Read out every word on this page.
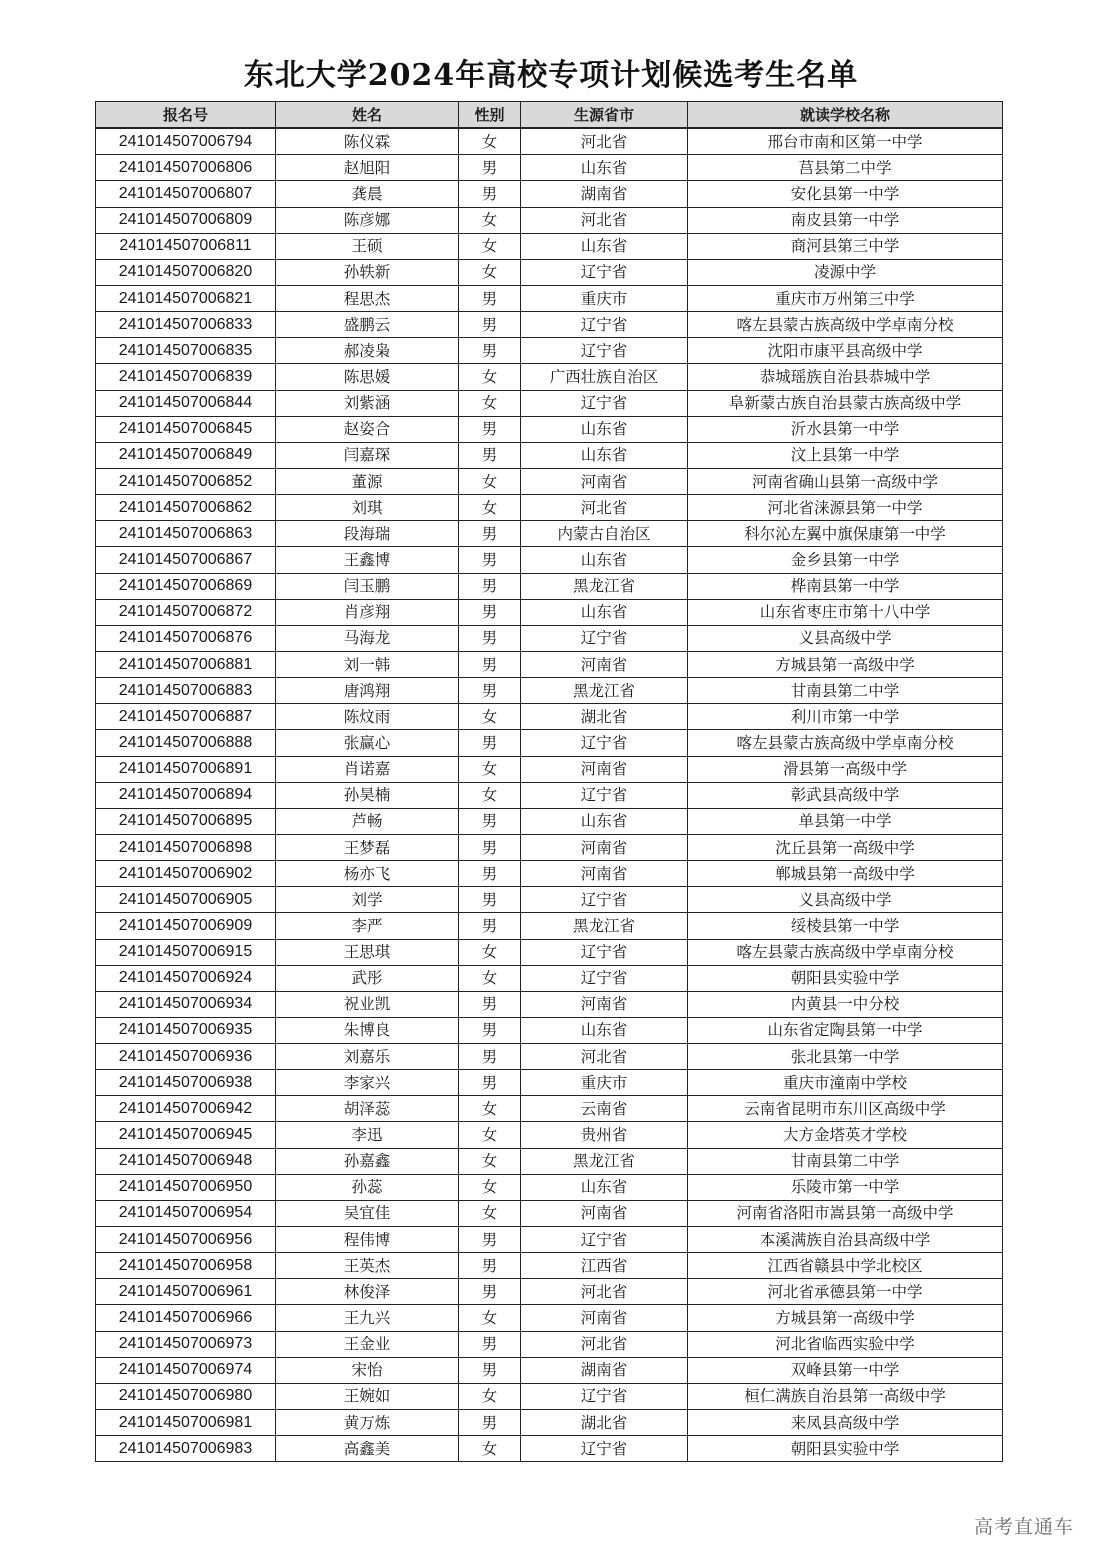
东北大学2024年高校专项计划候选考生名单
报名号	姓名	性别	生源省市	就读学校名称
241014507006794	陈仪霖	女	河北省	邢台市南和区第一中学
241014507006806	赵旭阳	男	山东省	莒县第二中学
241014507006807	龚晨	男	湖南省	安化县第一中学
241014507006809	陈彦娜	女	河北省	南皮县第一中学
241014507006811	王硕	女	山东省	商河县第三中学
241014507006820	孙轶新	女	辽宁省	凌源中学
241014507006821	程思杰	男	重庆市	重庆市万州第三中学
241014507006833	盛鹏云	男	辽宁省	喀左县蒙古族高级中学卓南分校
241014507006835	郝凌枭	男	辽宁省	沈阳市康平县高级中学
241014507006839	陈思媛	女	广西壮族自治区	恭城瑶族自治县恭城中学
241014507006844	刘紫涵	女	辽宁省	阜新蒙古族自治县蒙古族高级中学
241014507006845	赵姿合	男	山东省	沂水县第一中学
241014507006849	闫嘉琛	男	山东省	汶上县第一中学
241014507006852	董源	女	河南省	河南省确山县第一高级中学
241014507006862	刘琪	女	河北省	河北省涞源县第一中学
241014507006863	段海瑞	男	内蒙古自治区	科尔沁左翼中旗保康第一中学
241014507006867	王鑫博	男	山东省	金乡县第一中学
241014507006869	闫玉鹏	男	黑龙江省	桦南县第一中学
241014507006872	肖彦翔	男	山东省	山东省枣庄市第十八中学
241014507006876	马海龙	男	辽宁省	义县高级中学
241014507006881	刘一韩	男	河南省	方城县第一高级中学
241014507006883	唐鸿翔	男	黑龙江省	甘南县第二中学
241014507006887	陈炆雨	女	湖北省	利川市第一中学
241014507006888	张赢心	男	辽宁省	喀左县蒙古族高级中学卓南分校
241014507006891	肖诺嘉	女	河南省	滑县第一高级中学
241014507006894	孙昊楠	女	辽宁省	彰武县高级中学
241014507006895	芦畅	男	山东省	单县第一中学
241014507006898	王梦磊	男	河南省	沈丘县第一高级中学
241014507006902	杨亦飞	男	河南省	郸城县第一高级中学
241014507006905	刘学	男	辽宁省	义县高级中学
241014507006909	李严	男	黑龙江省	绥棱县第一中学
241014507006915	王思琪	女	辽宁省	喀左县蒙古族高级中学卓南分校
241014507006924	武彤	女	辽宁省	朝阳县实验中学
241014507006934	祝业凯	男	河南省	内黄县一中分校
241014507006935	朱博良	男	山东省	山东省定陶县第一中学
241014507006936	刘嘉乐	男	河北省	张北县第一中学
241014507006938	李家兴	男	重庆市	重庆市潼南中学校
241014507006942	胡泽蕊	女	云南省	云南省昆明市东川区高级中学
241014507006945	李迅	女	贵州省	大方金塔英才学校
241014507006948	孙嘉鑫	女	黑龙江省	甘南县第二中学
241014507006950	孙蕊	女	山东省	乐陵市第一中学
241014507006954	吴宜佳	女	河南省	河南省洛阳市嵩县第一高级中学
241014507006956	程伟博	男	辽宁省	本溪满族自治县高级中学
241014507006958	王英杰	男	江西省	江西省赣县中学北校区
241014507006961	林俊泽	男	河北省	河北省承德县第一中学
241014507006966	王九兴	女	河南省	方城县第一高级中学
241014507006973	王金业	男	河北省	河北省临西实验中学
241014507006974	宋怡	男	湖南省	双峰县第一中学
241014507006980	王婉如	女	辽宁省	桓仁满族自治县第一高级中学
241014507006981	黄万炼	男	湖北省	来凤县高级中学
241014507006983	高鑫美	女	辽宁省	朝阳县实验中学
高考直通车
